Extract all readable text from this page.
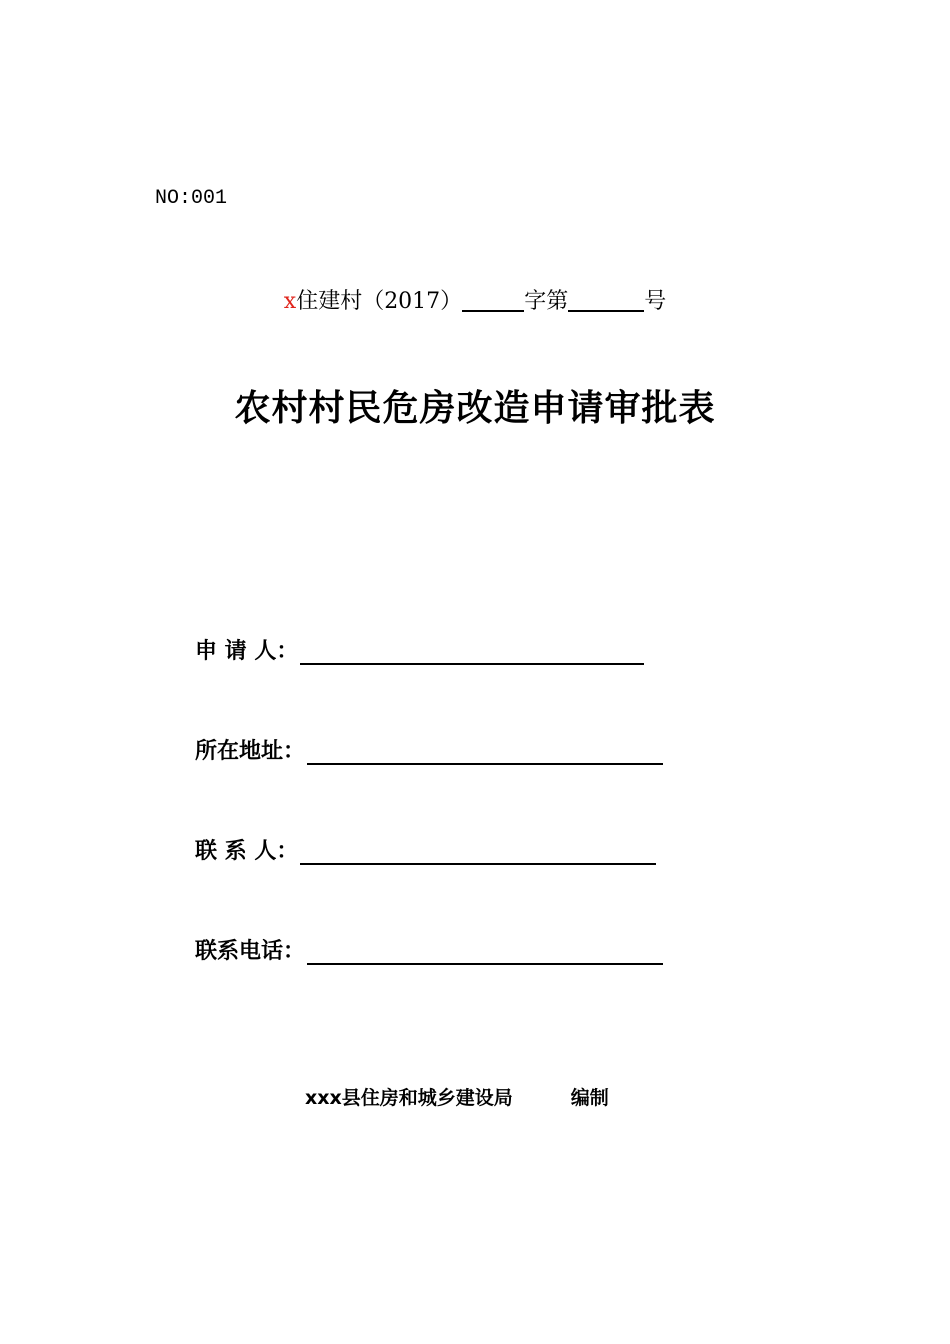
NO:001
x住建村（2017）	字第	号
农村村民危房改造申请审批表
申 请 人：
所在地址：
联 系 人：
联系电话：
xxx县住房和城乡建设局	编制
